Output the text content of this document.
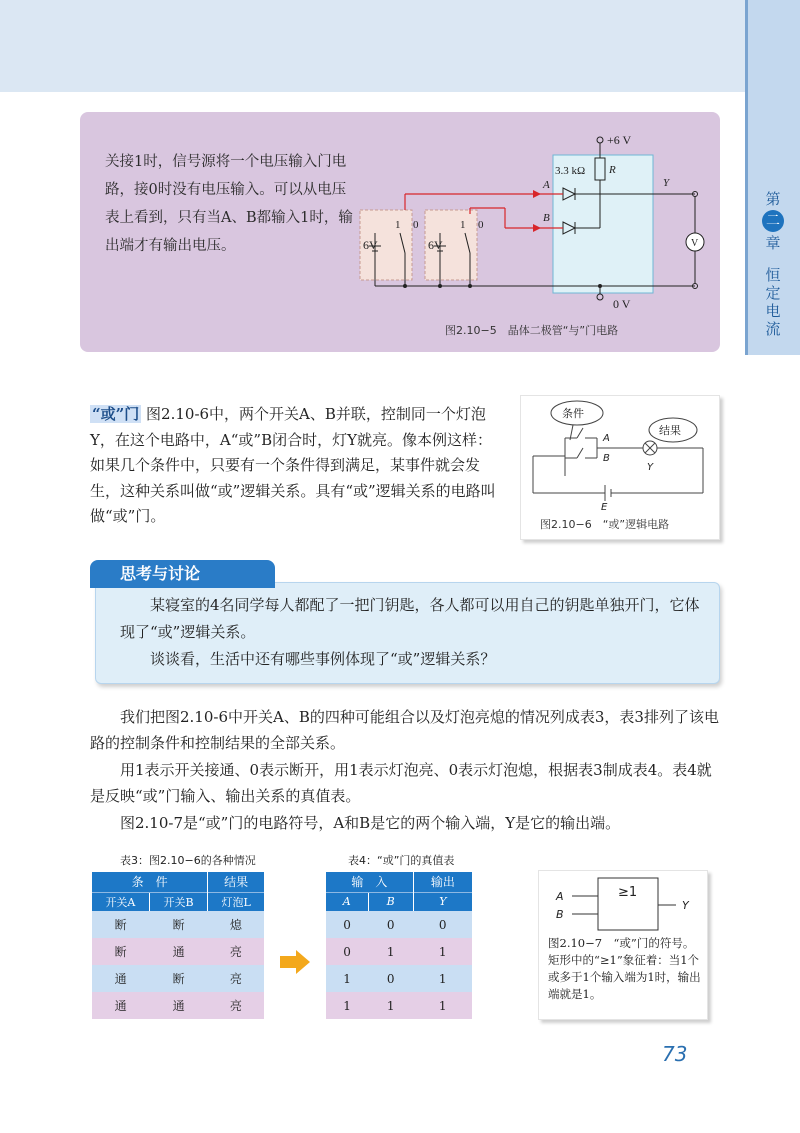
第
二
章
恒
定
电
流
关接1时，信号源将一个电压输入门电路，接0时没有电压输入。可以从电压表上看到，只有当A、B都输入1时，输出端才有输出电压。
+6 V
3.3 kΩ R
A
B
Y
1 0	1 0
6V	6V
0 V
V
图2.10−5　晶体二极管“与”门电路
“或”门 图2.10-6中，两个开关A、B并联，控制同一个灯泡Y，在这个电路中，A“或”B闭合时，灯Y就亮。像本例这样：如果几个条件中，只要有一个条件得到满足，某事件就会发生，这种关系叫做“或”逻辑关系。具有“或”逻辑关系的电路叫做“或”门。
条件
结果
A
B
Y
E
图2.10−6　“或”逻辑电路
思考与讨论

某寝室的4名同学每人都配了一把门钥匙，各人都可以用自己的钥匙单独开门，它体现了“或”逻辑关系。

谈谈看，生活中还有哪些事例体现了“或”逻辑关系？

我们把图2.10-6中开关A、B的四种可能组合以及灯泡亮熄的情况列成表3，表3排列了该电路的控制条件和控制结果的全部关系。
用1表示开关接通、0表示断开，用1表示灯泡亮、0表示灯泡熄，根据表3制成表4。表4就是反映“或”门输入、输出关系的真值表。
图2.10-7是“或”门的电路符号，A和B是它的两个输入端，Y是它的输出端。
表3：图2.10−6的各种情况
条　件		结果
开关A	开关B	灯泡L
断	断	熄
断	通	亮
通	断	亮
通	通	亮
表4：“或”门的真值表
输　入		输出
A	B	Y
0	0	0
0	1	1
1	0	1
1	1	1
≥1
A
B
Y
图2.10−7　“或”门的符号。矩形中的“≥1”象征着：当1个或多于1个输入端为1时，输出端就是1。
73
